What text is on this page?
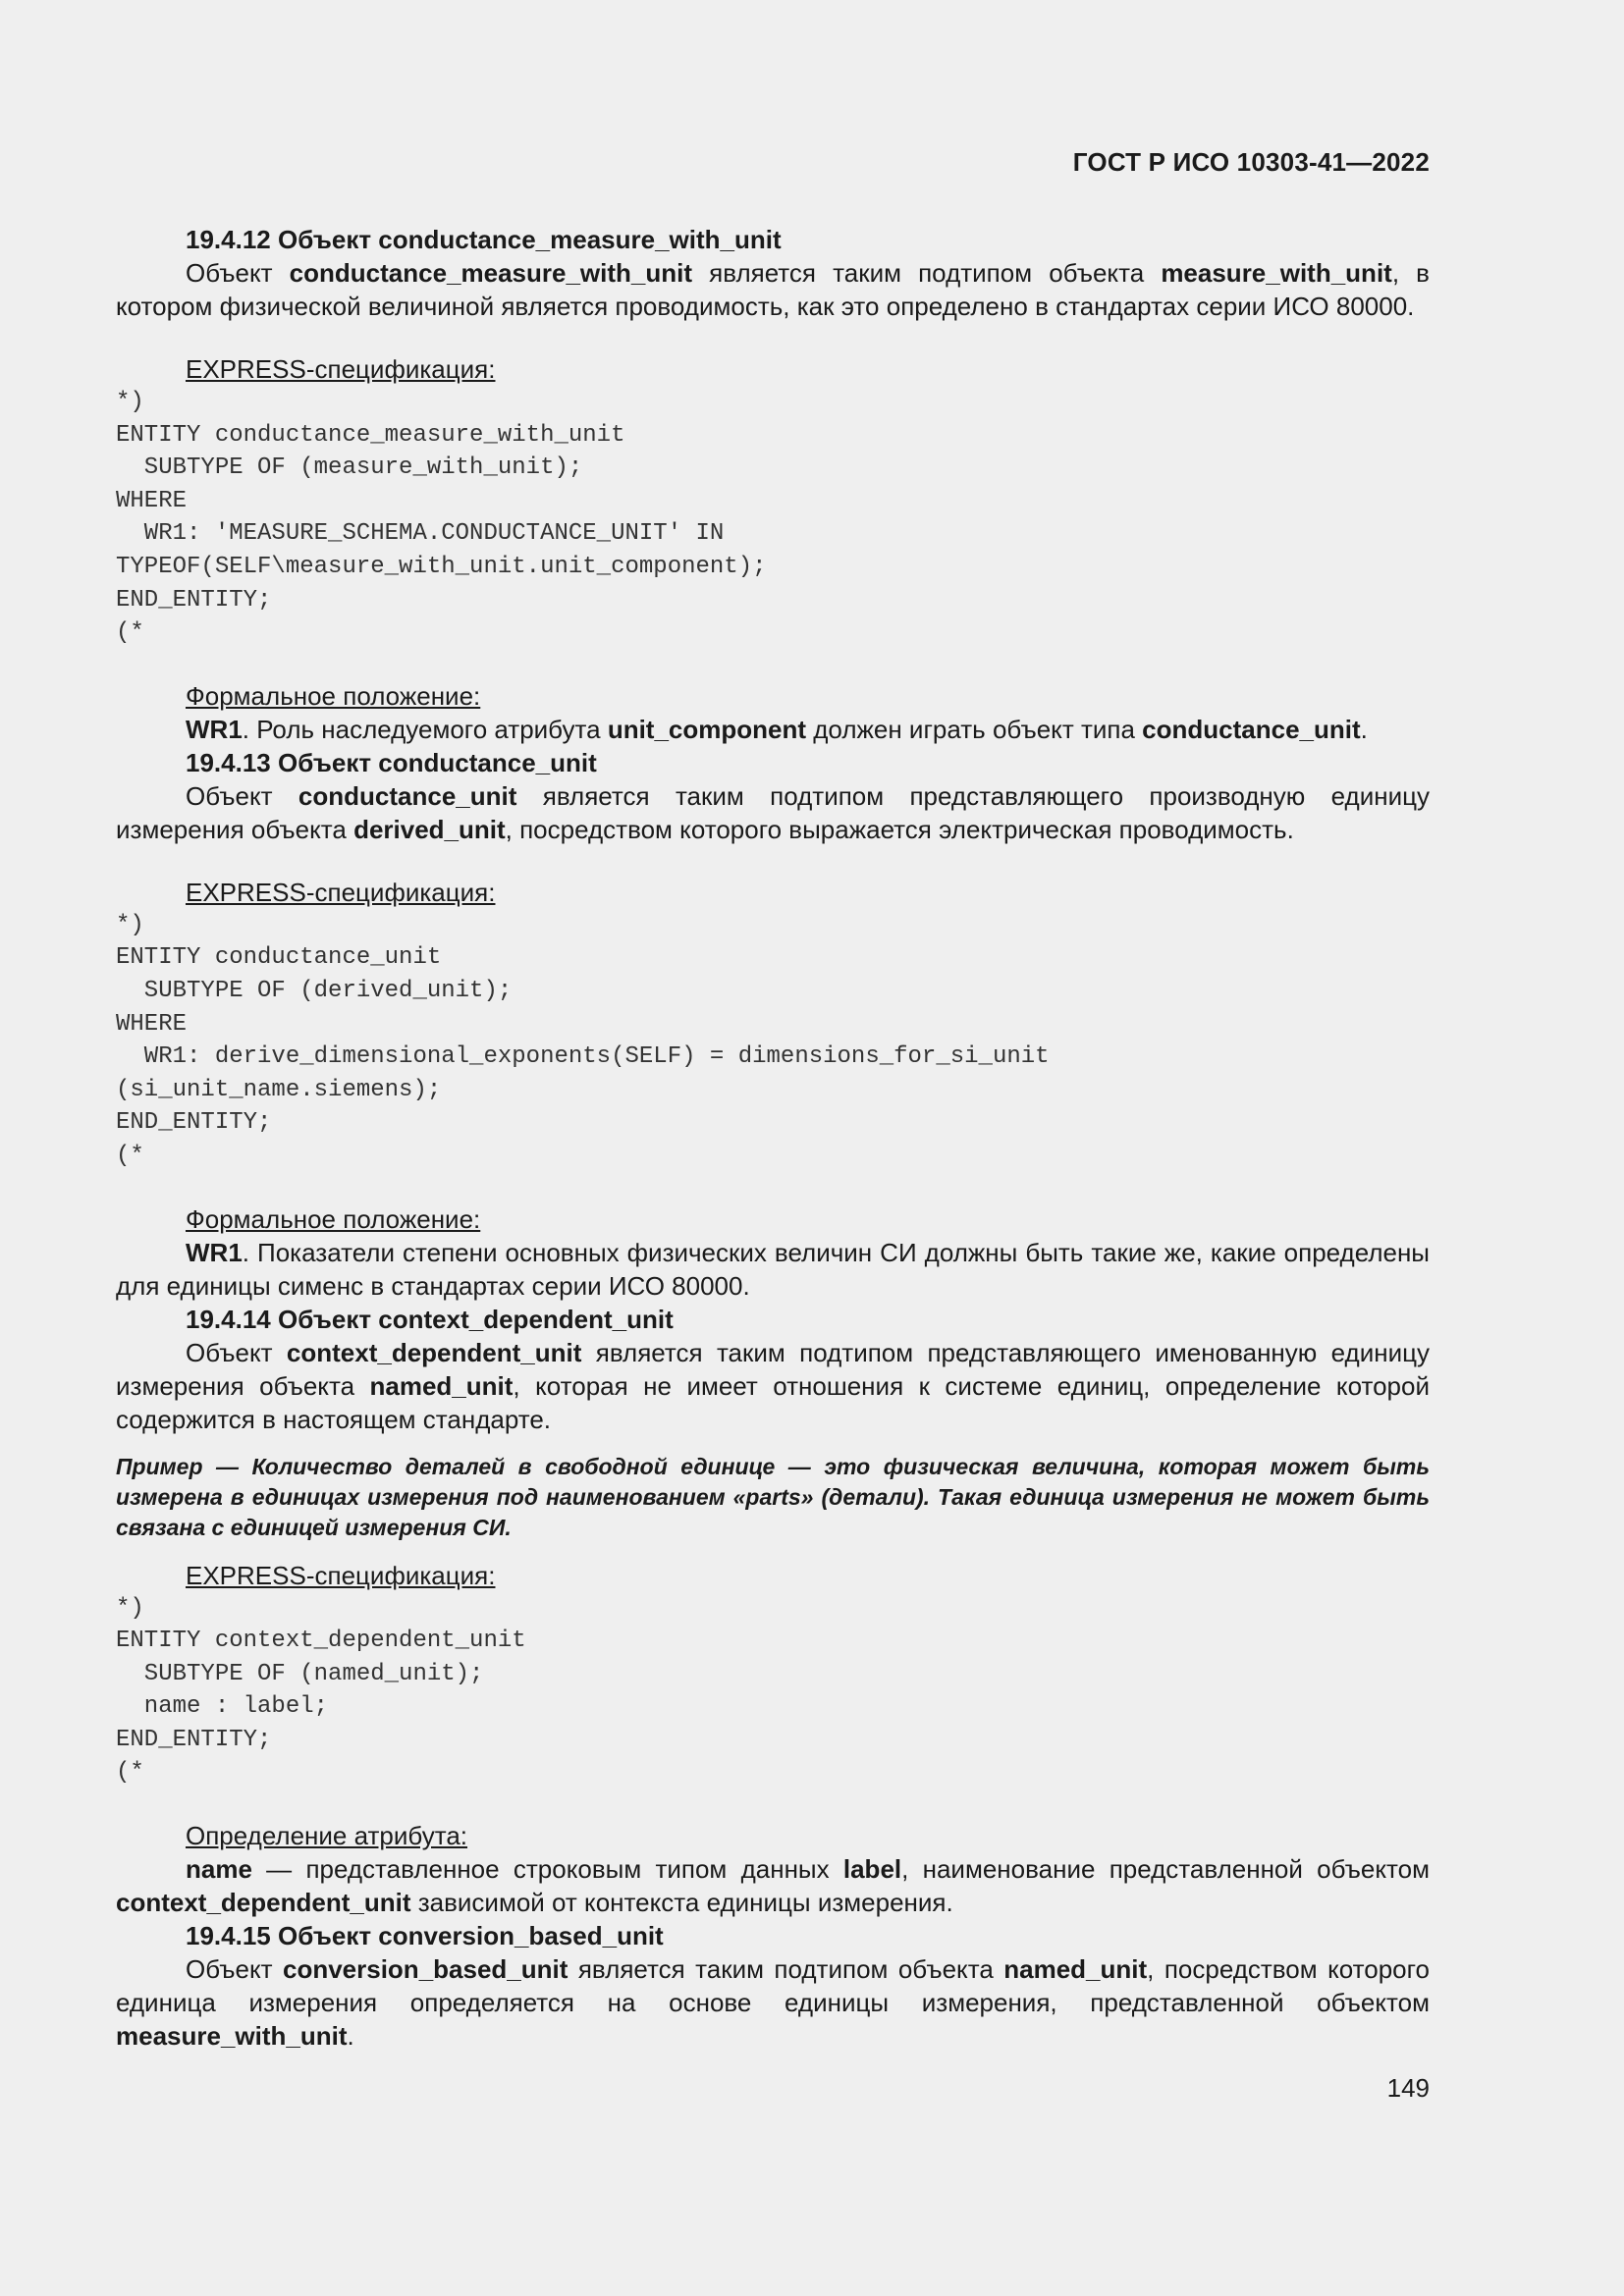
ГОСТ Р ИСО 10303-41—2022

19.4.12 Объект conductance_measure_with_unit

Объект conductance_measure_with_unit является таким подтипом объекта measure_with_unit, в котором физической величиной является проводимость, как это определено в стандартах серии ИСО 80000.

EXPRESS-спецификация:

*)
ENTITY conductance_measure_with_unit
SUBTYPE OF (measure_with_unit);
WHERE
WR1: 'MEASURE_SCHEMA.CONDUCTANCE_UNIT' IN
TYPEOF(SELF\measure_with_unit.unit_component);
END_ENTITY;
(*

Формальное положение:

WR1. Роль наследуемого атрибута unit_component должен играть объект типа conductance_unit.

19.4.13 Объект conductance_unit

Объект conductance_unit является таким подтипом представляющего производную единицу измерения объекта derived_unit, посредством которого выражается электрическая проводимость.

EXPRESS-спецификация:

*)
ENTITY conductance_unit
SUBTYPE OF (derived_unit);
WHERE
WR1: derive_dimensional_exponents(SELF) = dimensions_for_si_unit
(si_unit_name.siemens);
END_ENTITY;
(*

Формальное положение:

WR1. Показатели степени основных физических величин СИ должны быть такие же, какие определены для единицы сименс в стандартах серии ИСО 80000.

19.4.14 Объект context_dependent_unit

Объект context_dependent_unit является таким подтипом представляющего именованную единицу измерения объекта named_unit, которая не имеет отношения к системе единиц, определение которой содержится в настоящем стандарте.

Пример — Количество деталей в свободной единице — это физическая величина, которая может быть измерена в единицах измерения под наименованием «parts» (детали). Такая единица измерения не может быть связана с единицей измерения СИ.

EXPRESS-спецификация:

*)
ENTITY context_dependent_unit
SUBTYPE OF (named_unit);
name : label;
END_ENTITY;
(*

Определение атрибута:

name — представленное строковым типом данных label, наименование представленной объектом context_dependent_unit зависимой от контекста единицы измерения.

19.4.15 Объект conversion_based_unit

Объект conversion_based_unit является таким подтипом объекта named_unit, посредством которого единица измерения определяется на основе единицы измерения, представленной объектом measure_with_unit.

149
